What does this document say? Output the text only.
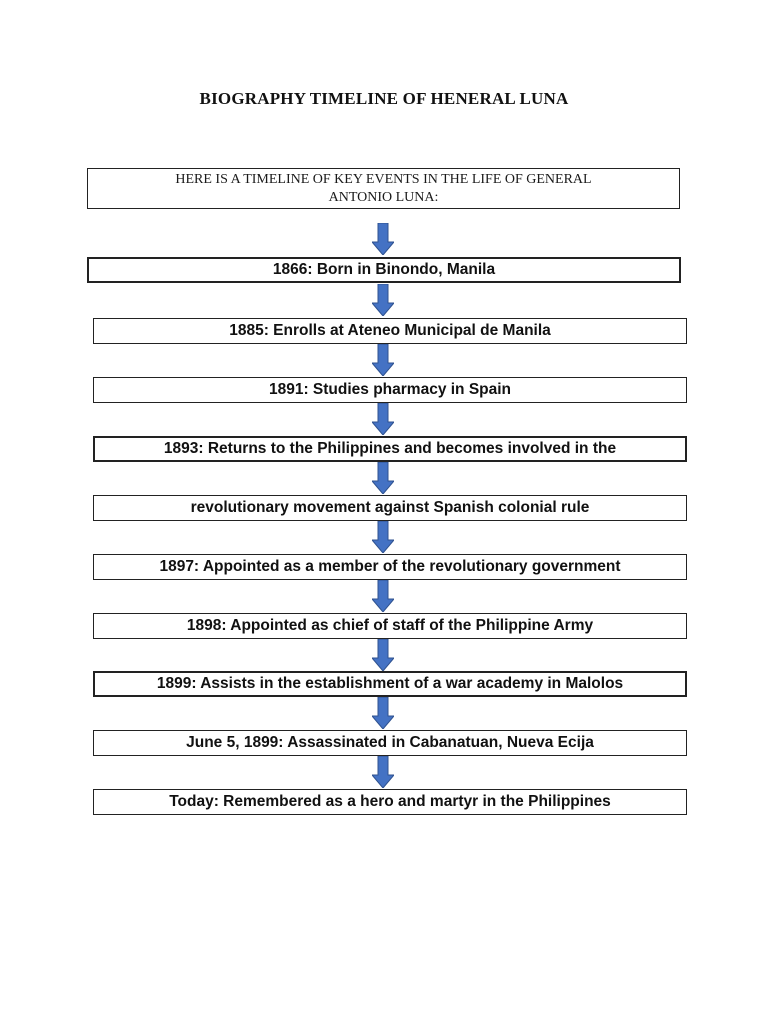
BIOGRAPHY TIMELINE OF HENERAL LUNA
HERE IS A TIMELINE OF KEY EVENTS IN THE LIFE OF GENERAL
ANTONIO LUNA:
1866: Born in Binondo, Manila
1885: Enrolls at Ateneo Municipal de Manila
1891: Studies pharmacy in Spain
1893: Returns to the Philippines and becomes involved in the
revolutionary movement against Spanish colonial rule
1897: Appointed as a member of the revolutionary government
1898: Appointed as chief of staff of the Philippine Army
1899: Assists in the establishment of a war academy in Malolos
June 5, 1899: Assassinated in Cabanatuan, Nueva Ecija
Today: Remembered as a hero and martyr in the Philippines
